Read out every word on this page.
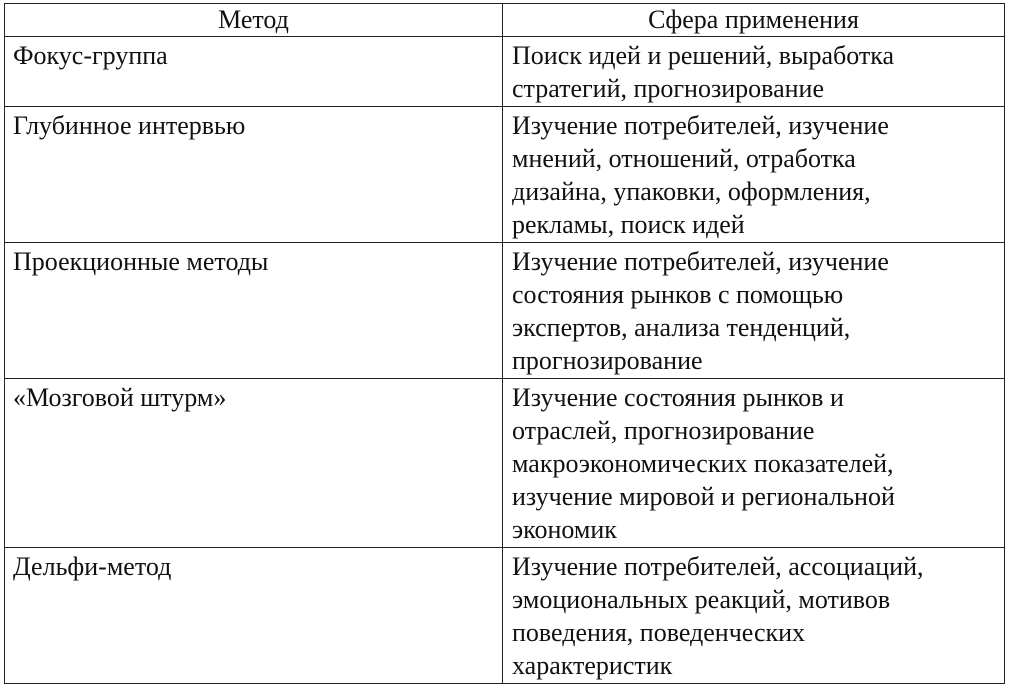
Метод	Сфера применения
Фокус-группа	Поиск идей и решений, выработка
стратегий, прогнозирование
Глубинное интервью	Изучение потребителей, изучение
мнений, отношений, отработка
дизайна, упаковки, оформления,
рекламы, поиск идей
Проекционные методы	Изучение потребителей, изучение
состояния рынков с помощью
экспертов, анализа тенденций,
прогнозирование
«Мозговой штурм»	Изучение состояния рынков и
отраслей, прогнозирование
макроэкономических показателей,
изучение мировой и региональной
экономик
Дельфи-метод	Изучение потребителей, ассоциаций,
эмоциональных реакций, мотивов
поведения, поведенческих
характеристик
